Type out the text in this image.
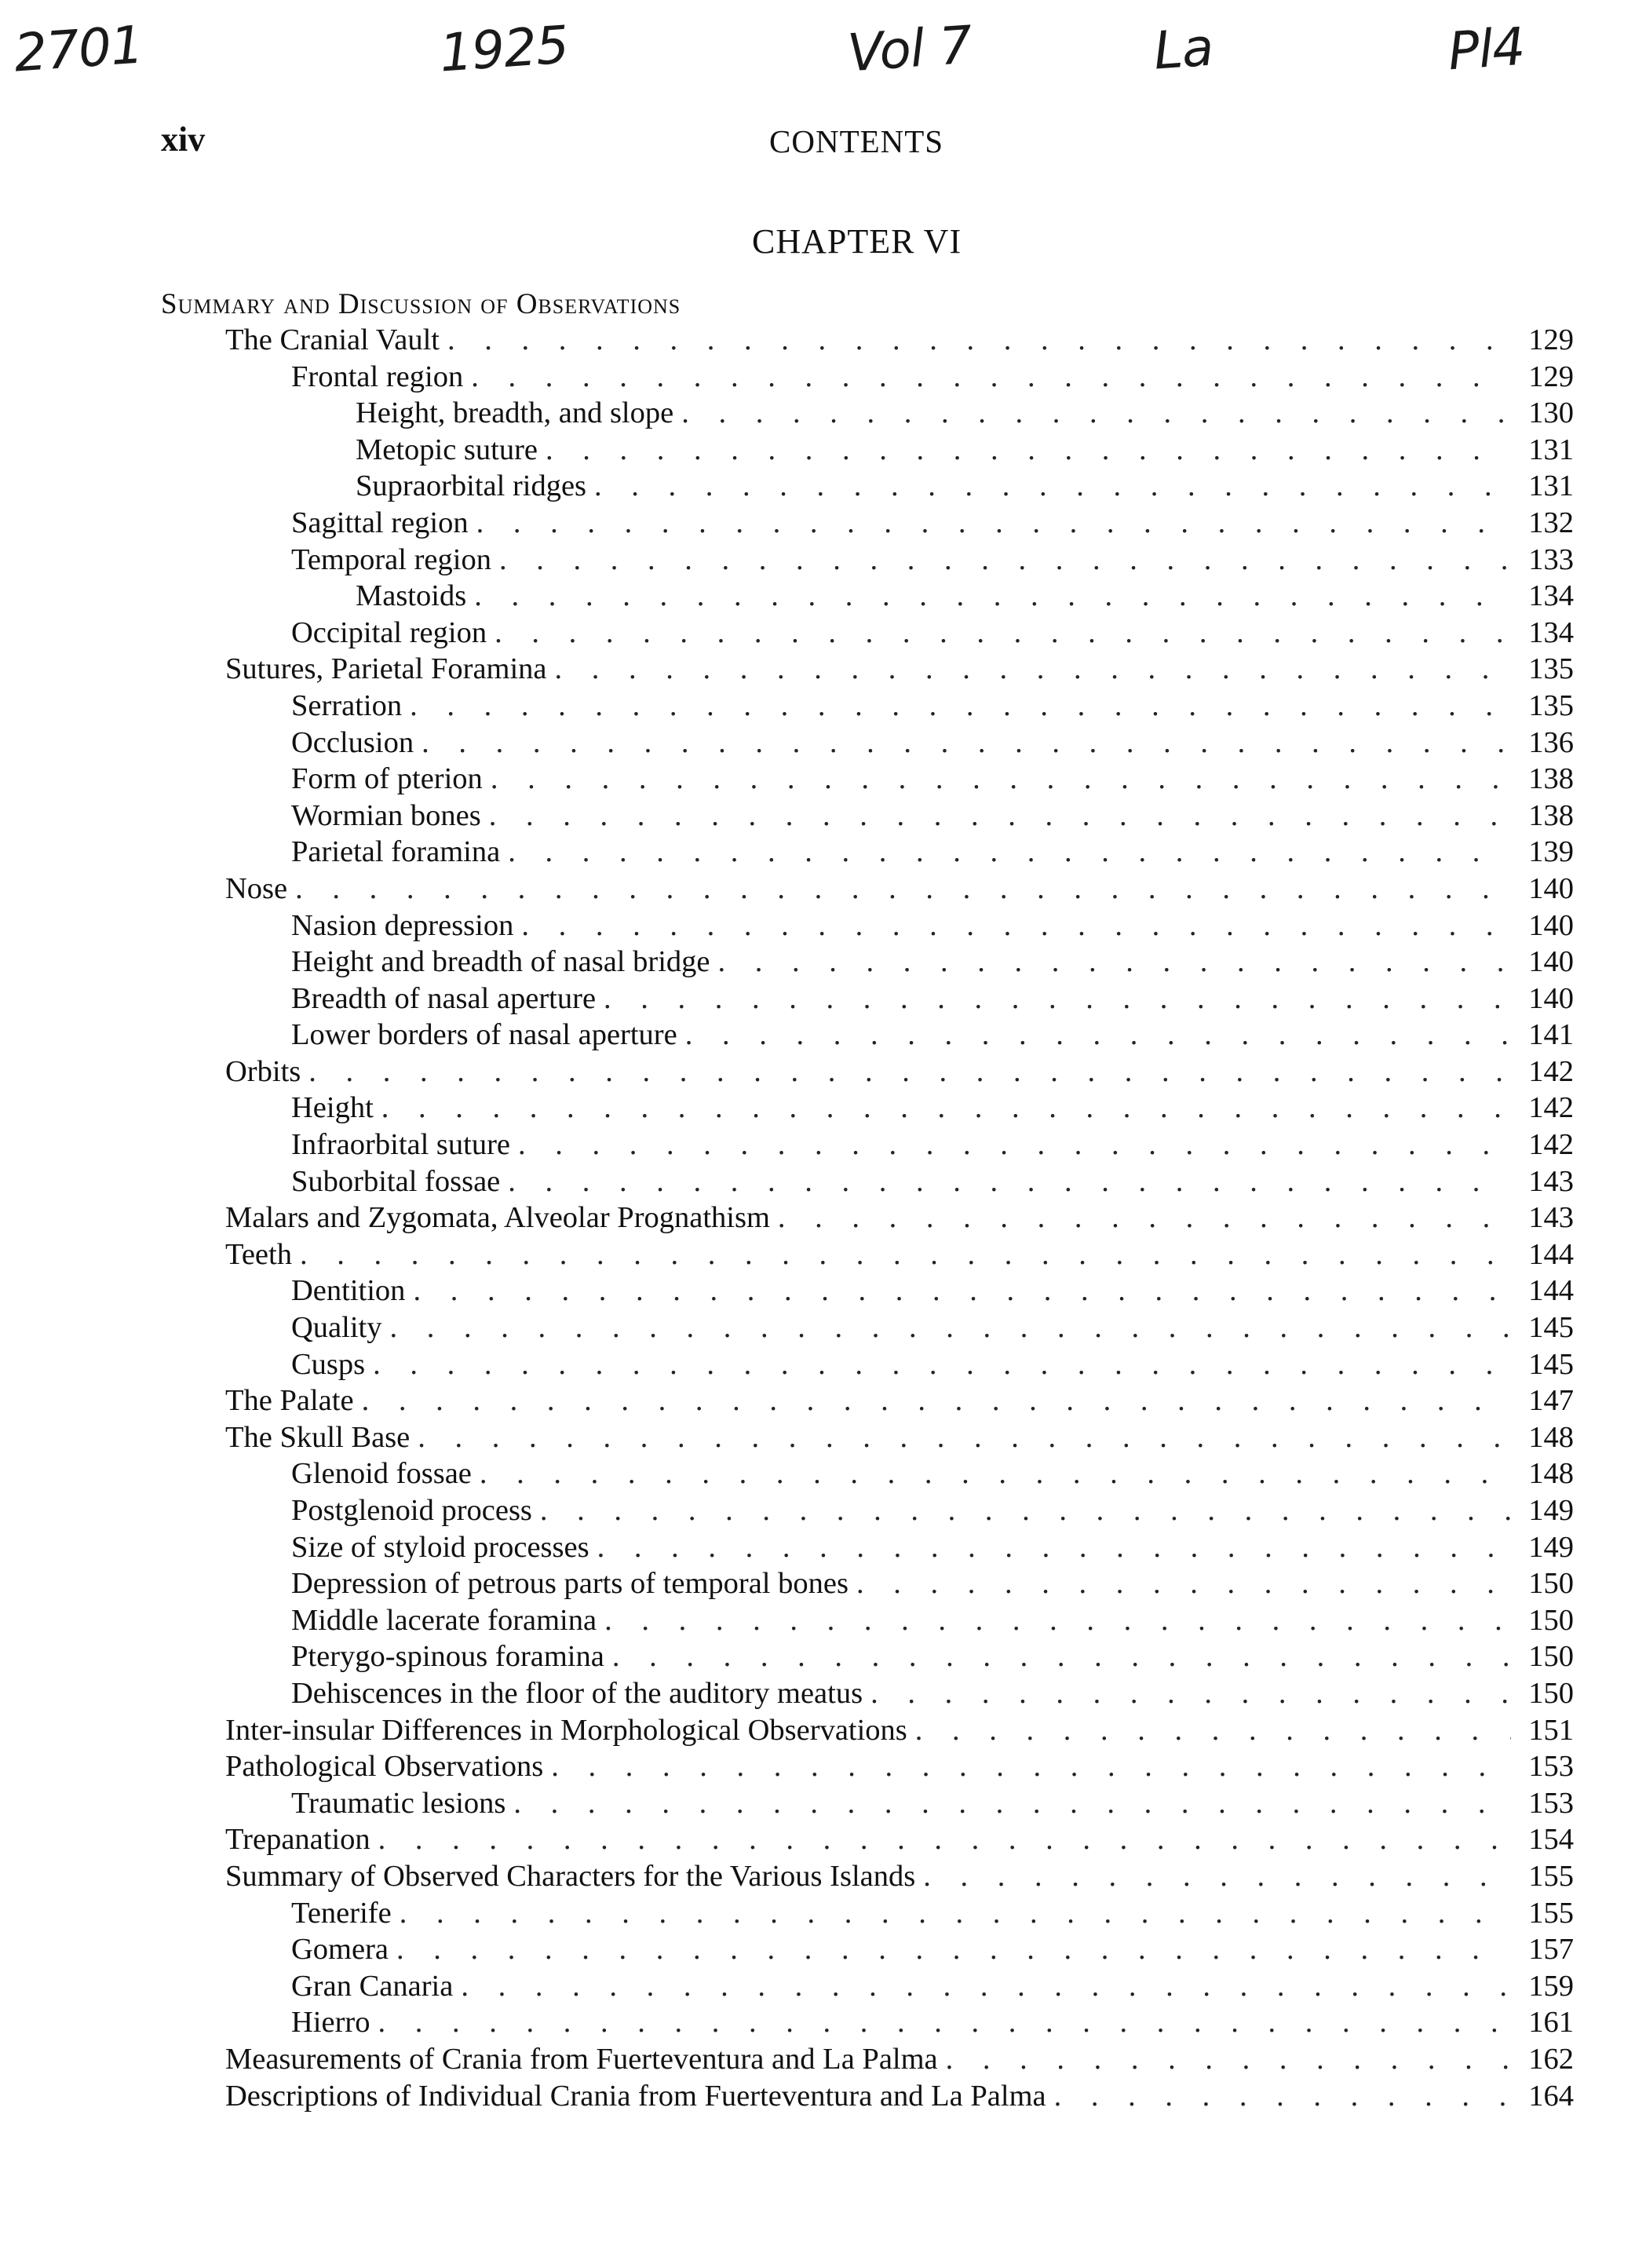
2701	1925	Vol 7	La	Pl4
xiv	CONTENTS
CHAPTER VI
Summary and Discussion of Observations
The Cranial Vault . . .	129
Frontal region . . .	129
Height, breadth, and slope . . .	130
Metopic suture . . .	131
Supraorbital ridges . . .	131
Sagittal region . . .	132
Temporal region . . .	133
Mastoids . . .	134
Occipital region . . .	134
Sutures, Parietal Foramina . . .	135
Serration . . .	135
Occlusion . . .	136
Form of pterion . . .	138
Wormian bones . . .	138
Parietal foramina . . .	139
Nose . . .	140
Nasion depression . . .	140
Height and breadth of nasal bridge . . .	140
Breadth of nasal aperture . . .	140
Lower borders of nasal aperture . . .	141
Orbits . . .	142
Height . . .	142
Infraorbital suture . . .	142
Suborbital fossae . . .	143
Malars and Zygomata, Alveolar Prognathism . . .	143
Teeth . . .	144
Dentition . . .	144
Quality . . .	145
Cusps . . .	145
The Palate . . .	147
The Skull Base . . .	148
Glenoid fossae . . .	148
Postglenoid process . . .	149
Size of styloid processes . . .	149
Depression of petrous parts of temporal bones . . .	150
Middle lacerate foramina . . .	150
Pterygo-spinous foramina . . .	150
Dehiscences in the floor of the auditory meatus . . .	150
Inter-insular Differences in Morphological Observations . . .	151
Pathological Observations . . .	153
Traumatic lesions . . .	153
Trepanation . . .	154
Summary of Observed Characters for the Various Islands . . .	155
Tenerife . . .	155
Gomera . . .	157
Gran Canaria . . .	159
Hierro . . .	161
Measurements of Crania from Fuerteventura and La Palma . . .	162
Descriptions of Individual Crania from Fuerteventura and La Palma . . .	164
